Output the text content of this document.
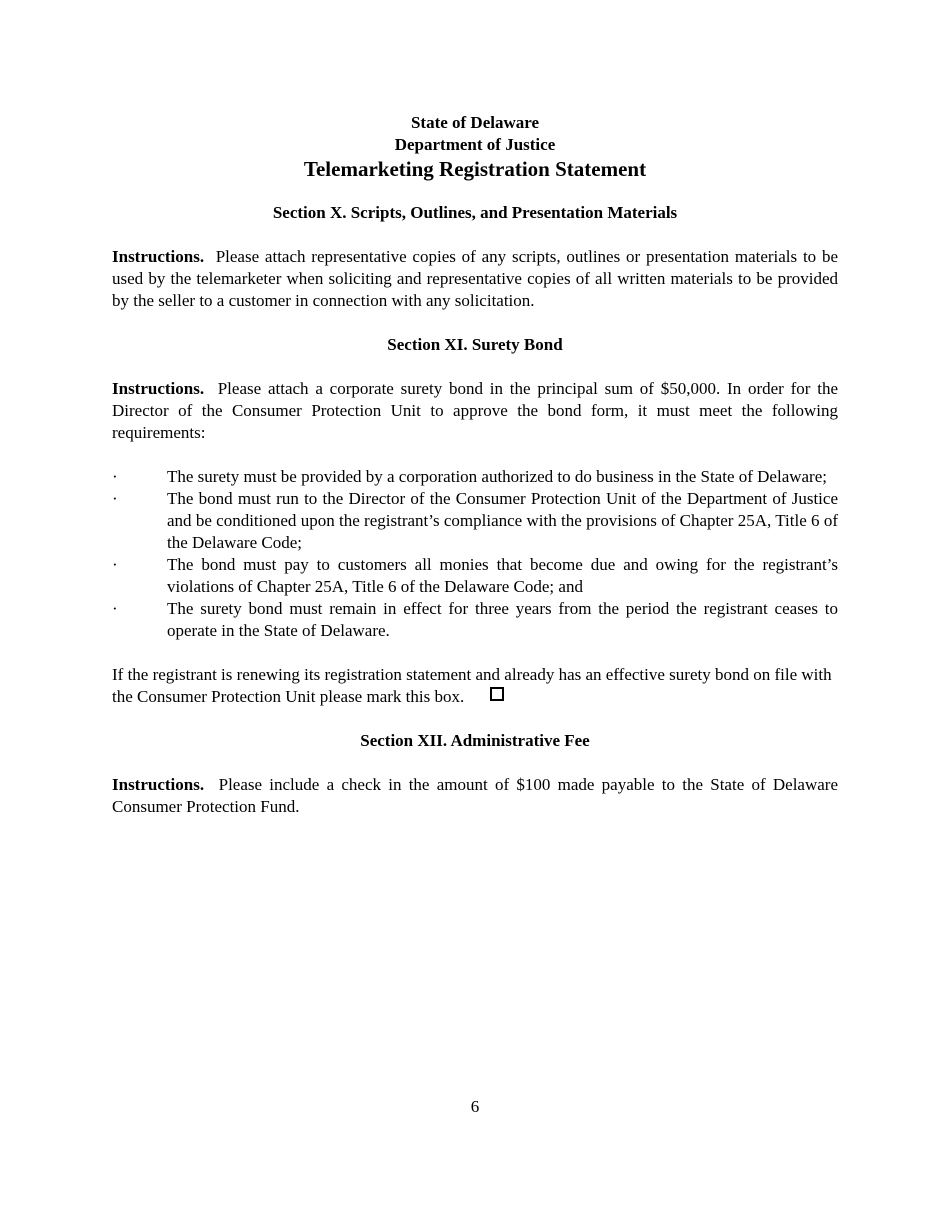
State of Delaware
Department of Justice
Telemarketing Registration Statement
Section X. Scripts, Outlines, and Presentation Materials

Instructions. Please attach representative copies of any scripts, outlines or presentation materials to be used by the telemarketer when soliciting and representative copies of all written materials to be provided by the seller to a customer in connection with any solicitation.

Section XI. Surety Bond

Instructions. Please attach a corporate surety bond in the principal sum of $50,000. In order for the Director of the Consumer Protection Unit to approve the bond form, it must meet the following requirements:

·	The surety must be provided by a corporation authorized to do business in the State of Delaware;
·	The bond must run to the Director of the Consumer Protection Unit of the Department of Justice and be conditioned upon the registrant’s compliance with the provisions of Chapter 25A, Title 6 of the Delaware Code;
·	The bond must pay to customers all monies that become due and owing for the registrant’s violations of Chapter 25A, Title 6 of the Delaware Code; and
·	The surety bond must remain in effect for three years from the period the registrant ceases to operate in the State of Delaware.

If the registrant is renewing its registration statement and already has an effective surety bond on file with the Consumer Protection Unit please mark this box.

Section XII. Administrative Fee

Instructions. Please include a check in the amount of $100 made payable to the State of Delaware Consumer Protection Fund.

6
